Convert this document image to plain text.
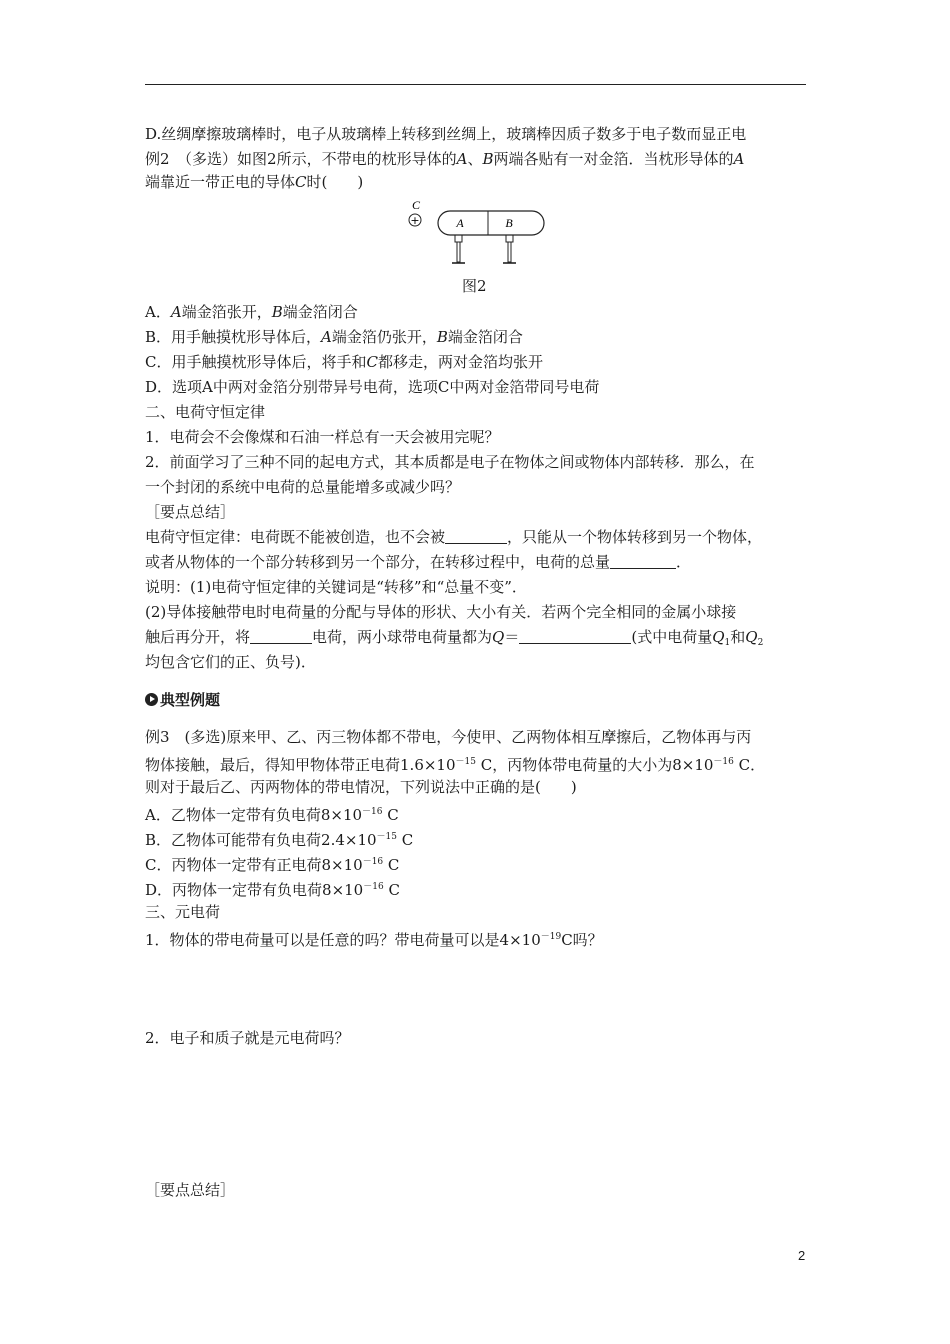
D.丝绸摩擦玻璃棒时，电子从玻璃棒上转移到丝绸上，玻璃棒因质子数多于电子数而显正电
例2　（多选）如图2所示，不带电的枕形导体的A、B两端各贴有一对金箔．当枕形导体的A
端靠近一带正电的导体C时(　　)
C
+	A	B
图2
A．A端金箔张开，B端金箔闭合
B．用手触摸枕形导体后，A端金箔仍张开，B端金箔闭合
C．用手触摸枕形导体后，将手和C都移走，两对金箔均张开
D．选项A中两对金箔分别带异号电荷，选项C中两对金箔带同号电荷
二、电荷守恒定律
1．电荷会不会像煤和石油一样总有一天会被用完呢？
2．前面学习了三种不同的起电方式，其本质都是电子在物体之间或物体内部转移．那么，在
一个封闭的系统中电荷的总量能增多或减少吗？
［要点总结］
电荷守恒定律：电荷既不能被创造，也不会被	，只能从一个物体转移到另一个物体，
或者从物体的一个部分转移到另一个部分，在转移过程中，电荷的总量	．
说明：(1)电荷守恒定律的关键词是“转移”和“总量不变”．
(2)导体接触带电时电荷量的分配与导体的形状、大小有关．若两个完全相同的金属小球接
触后再分开，将	电荷，两小球带电荷量都为Q＝	(式中电荷量$Q_1$和$Q_2$
均包含它们的正、负号)．
典型例题
例3　(多选)原来甲、乙、丙三物体都不带电，今使甲、乙两物体相互摩擦后，乙物体再与丙
物体接触，最后，得知甲物体带正电荷$1.6\times 10^{-15}$ C，丙物体带电荷量的大小为$8\times 10^{-16}$ C．
则对于最后乙、丙两物体的带电情况，下列说法中正确的是(　　)
A．乙物体一定带有负电荷$8\times 10^{-16}$ C
B．乙物体可能带有负电荷$2.4\times 10^{-15}$ C
C．丙物体一定带有正电荷$8\times 10^{-16}$ C
D．丙物体一定带有负电荷$8\times 10^{-16}$ C
三、元电荷
1．物体的带电荷量可以是任意的吗？带电荷量可以是$4\times 10^{-19}C$吗？
2．电子和质子就是元电荷吗？
［要点总结］
2
